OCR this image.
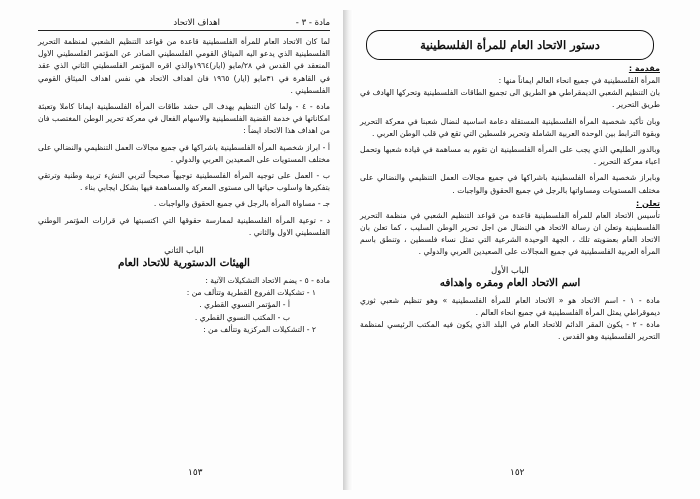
مادة - ٣ -
اهداف الاتحاد

لما كان الاتحاد العام للمرأة الفلسطينية قاعدة من قواعد التنظيم الشعبي لمنظمة التحرير الفلسطينية الذي يدعو اليه الميثاق القومي الفلسطيني الصادر عن المؤتمر الفلسطيني الاول المنعقد في القدس في ٢٨/مايو (ايار)١٩٦٤والذي اقره المؤتمر الفلسطيني الثاني الذي عقد في القاهرة في ٣١مايو (ايار) ١٩٦٥ فان اهداف الاتحاد هي نفس اهداف الميثاق القومي الفلسطيني .

مادة - ٤ - ولما كان التنظيم يهدف الى حشد طاقات المرأة الفلسطينية ايمانا كاملا وتعبئة امكاناتها في خدمة القضية الفلسطينية والاسهام الفعال في معركة تحرير الوطن المغتصب فان من اهداف هذا الاتحاد ايضاً :

أ - ابراز شخصية المرأة الفلسطينية باشراكها في جميع مجالات العمل التنظيمي والنضالي على مختلف المستويات على الصعيدين العربي والدولي .

ب - العمل على توجيه المرأة الفلسطينية توجيهاً صحيحاً لتربي النشء تربية وطنية وترتقي بتفكيرها واسلوب حياتها الى مستوى المعركة والمساهمة فيها بشكل ايجابي بناء .

جـ - مساواة المرأة بالرجل في جميع الحقوق والواجبات .

د - توعية المرأة الفلسطينية لممارسة حقوقها التي اكتسبتها في قرارات المؤتمر الوطني الفلسطيني الاول والثاني .

الباب الثاني
الهيئات الدستورية للاتحاد العام

مادة - ٥ - يضم الاتحاد التشكيلات الآتية :

١ - تشكيلات الفروع القطرية وتتألف من :

أ - المؤتمر النسوي القطري .

ب - المكتب النسوي القطري .

٢ - التشكيلات المركزية وتتألف من :

١٥٣
دستور الاتحاد العام للمرأة الفلسطينية
مقدمة :

المرأة الفلسطينية في جميع انحاء العالم ايماناً منها :

بان التنظيم الشعبي الديمقراطي هو الطريق الى تجميع الطاقات الفلسطينية وتحركها الهادف في طريق التحرير .

وبان تأكيد شخصية المرأة الفلسطينية المستقلة دعامة اساسية لنضال شعبنا في معركة التحرير وبقوة الترابط بين الوحدة العربية الشاملة وتحرير فلسطين التي تقع في قلب الوطن العربي .

وبالدور الطليعي الذي يجب على المرأة الفلسطينية ان تقوم به مساهمة في قيادة شعبها وتحمل اعباء معركة التحرير .

وبابراز شخصية المرأة الفلسطينية باشراكها في جميع مجالات العمل التنظيمي والنضالي على مختلف المستويات ومساواتها بالرجل في جميع الحقوق والواجبات .

تعلن :

تأسيس الاتحاد العام للمرأة الفلسطينية قاعدة من قواعد التنظيم الشعبي في منظمة التحرير الفلسطينية وتعلن ان رسالة الاتحاد هي النضال من اجل تحرير الوطن السليب ، كما تعلن بان الاتحاد العام بعضويته تلك ، الجهة الوحيدة الشرعية التي تمثل نساء فلسطين ، وتنطق باسم المرأة العربية الفلسطينية في جميع المجالات على الصعيدين العربي والدولي .

الباب الأول
اسم الاتحاد العام ومقره واهدافه

مادة - ١ - اسم الاتحاد هو « الاتحاد العام للمرأة الفلسطينية » وهو تنظيم شعبي ثوري ديموقراطي يمثل المرأة الفلسطينية في جميع انحاء العالم .

مادة - ٢ - يكون المقر الدائم للاتحاد العام في البلد الذي يكون فيه المكتب الرئيسي لمنظمة التحرير الفلسطينية وهو القدس .

١٥٢
